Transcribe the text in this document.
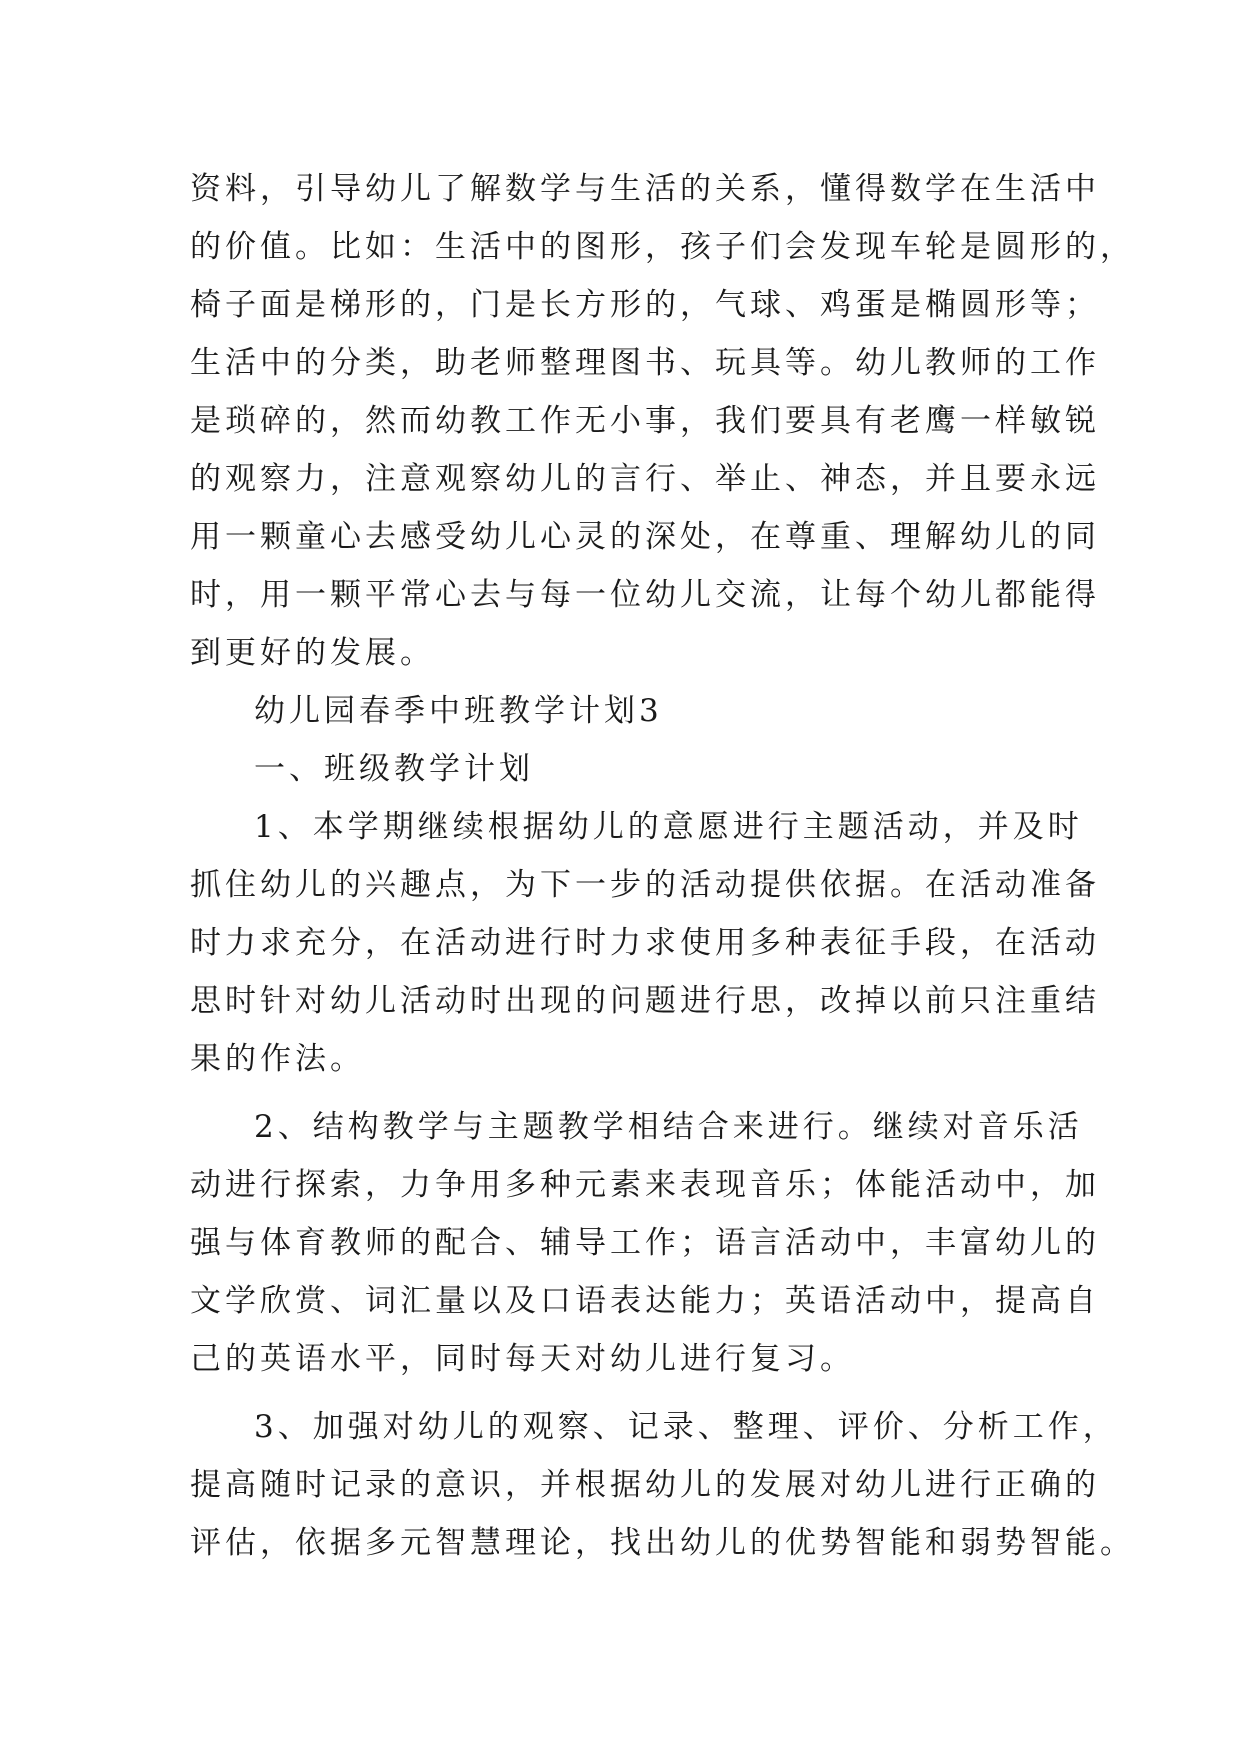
资料，引导幼儿了解数学与生活的关系，懂得数学在生活中
的价值。比如：生活中的图形，孩子们会发现车轮是圆形的，
椅子面是梯形的，门是长方形的，气球、鸡蛋是椭圆形等；
生活中的分类，助老师整理图书、玩具等。幼儿教师的工作
是琐碎的，然而幼教工作无小事，我们要具有老鹰一样敏锐
的观察力，注意观察幼儿的言行、举止、神态，并且要永远
用一颗童心去感受幼儿心灵的深处，在尊重、理解幼儿的同
时，用一颗平常心去与每一位幼儿交流，让每个幼儿都能得
到更好的发展。
幼儿园春季中班教学计划3
一、班级教学计划
1、本学期继续根据幼儿的意愿进行主题活动，并及时
抓住幼儿的兴趣点，为下一步的活动提供依据。在活动准备
时力求充分，在活动进行时力求使用多种表征手段，在活动
思时针对幼儿活动时出现的问题进行思，改掉以前只注重结
果的作法。
2、结构教学与主题教学相结合来进行。继续对音乐活
动进行探索，力争用多种元素来表现音乐；体能活动中，加
强与体育教师的配合、辅导工作；语言活动中，丰富幼儿的
文学欣赏、词汇量以及口语表达能力；英语活动中，提高自
己的英语水平，同时每天对幼儿进行复习。
3、加强对幼儿的观察、记录、整理、评价、分析工作，
提高随时记录的意识，并根据幼儿的发展对幼儿进行正确的
评估，依据多元智慧理论，找出幼儿的优势智能和弱势智能。
